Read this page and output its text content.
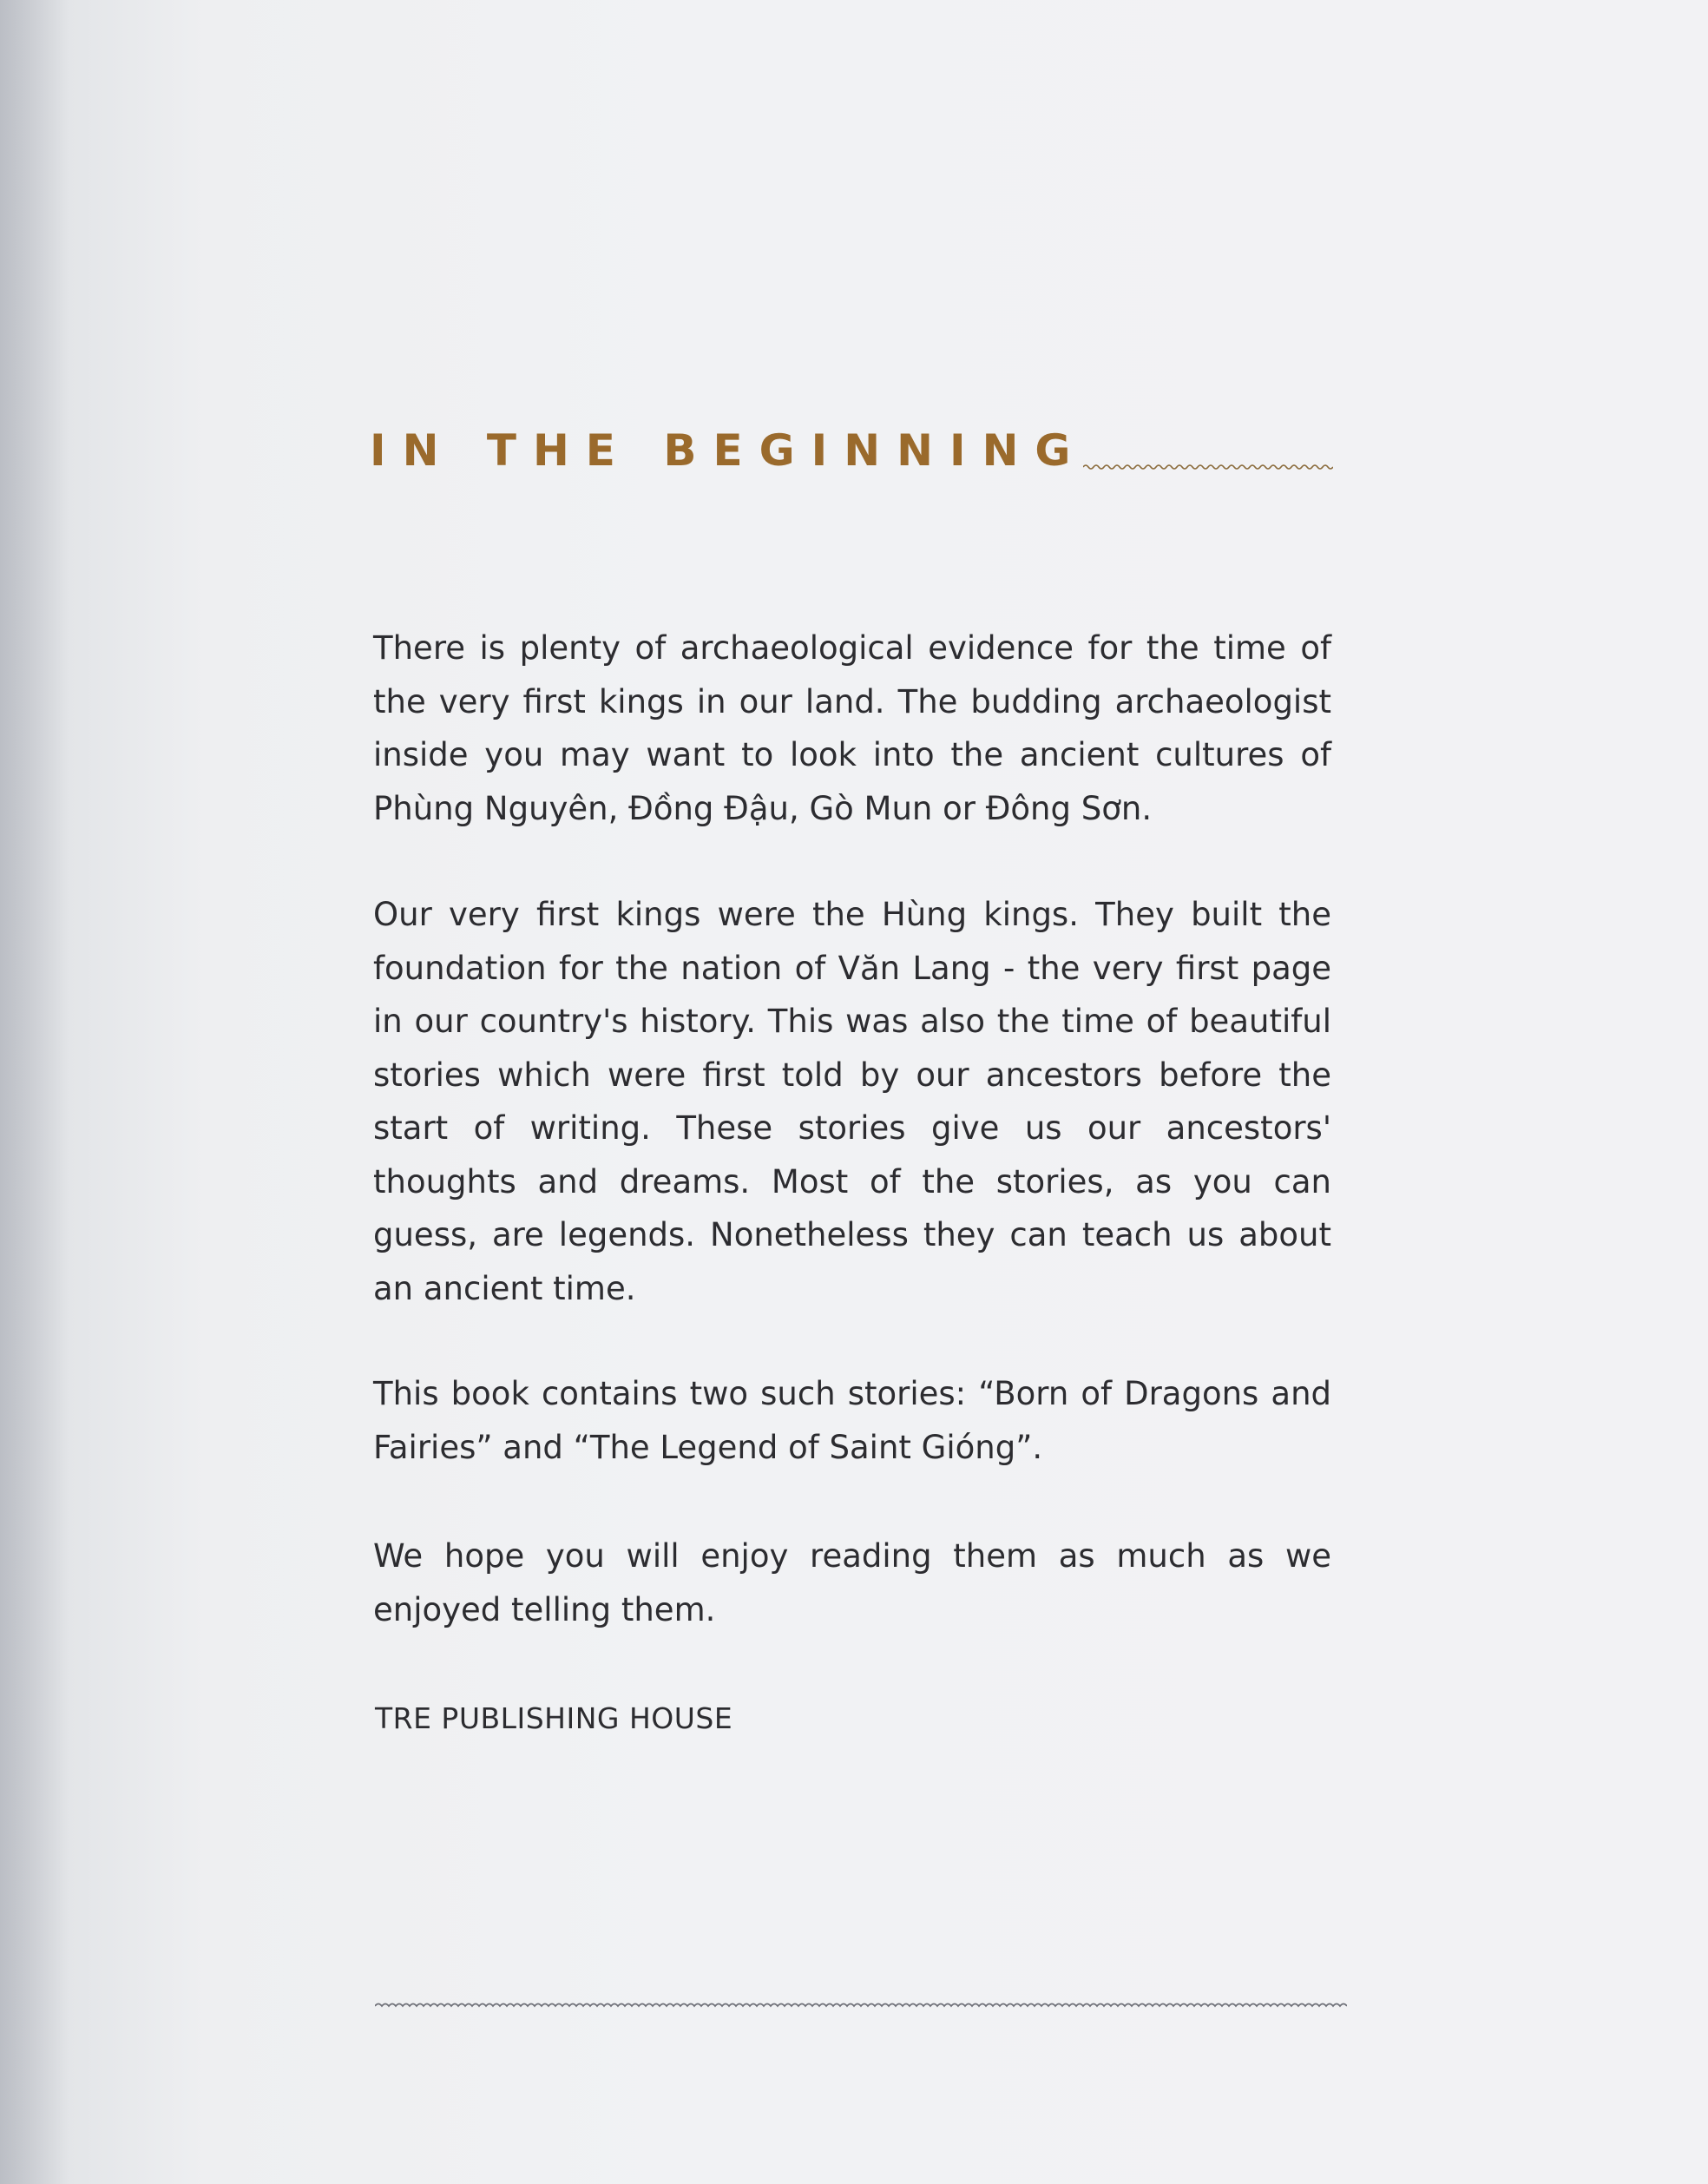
IN THE BEGINNING

There is plenty of archaeological evidence for the time of the very first kings in our land. The budding archaeologist inside you may want to look into the ancient cultures of Phùng Nguyên, Đồng Đậu, Gò Mun or Đông Sơn.

Our very first kings were the Hùng kings. They built the foundation for the nation of Văn Lang - the very first page in our country's history. This was also the time of beautiful stories which were first told by our ancestors before the start of writing. These stories give us our ancestors' thoughts and dreams. Most of the stories, as you can guess, are legends. Nonetheless they can teach us about an ancient time.

This book contains two such stories: “Born of Dragons and Fairies” and “The Legend of Saint Gióng”.

We hope you will enjoy reading them as much as we enjoyed telling them.

TRE PUBLISHING HOUSE
